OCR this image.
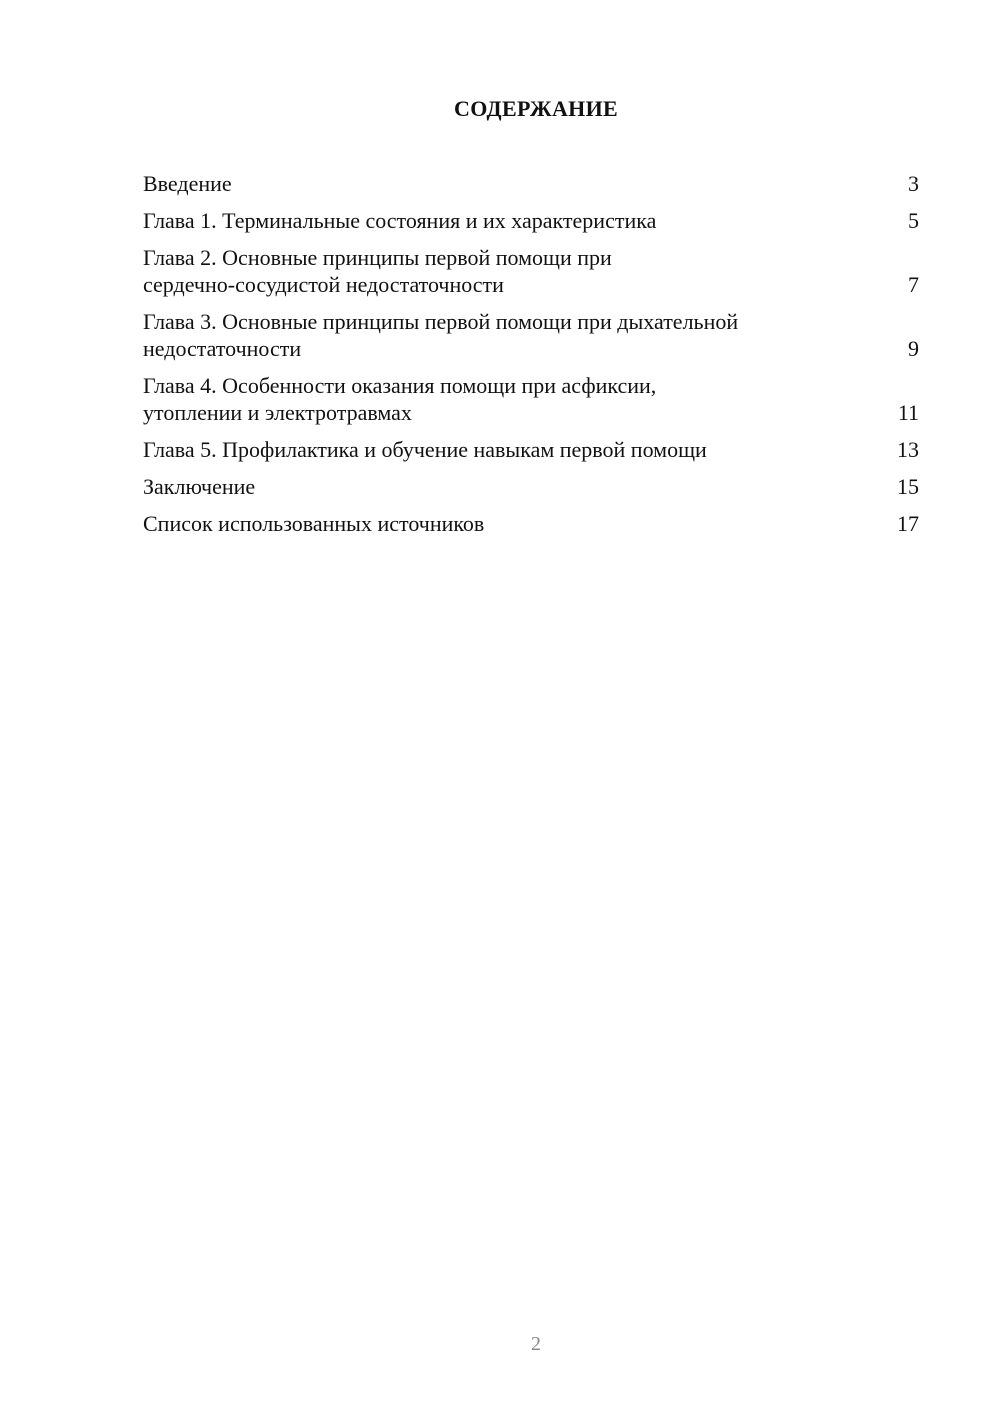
СОДЕРЖАНИЕ
Введение	3
Глава 1. Терминальные состояния и их характеристика	5
Глава 2. Основные принципы первой помощи при
сердечно-сосудистой недостаточности	7
Глава 3. Основные принципы первой помощи при дыхательной
недостаточности	9
Глава 4. Особенности оказания помощи при асфиксии,
утоплении и электротравмах	11
Глава 5. Профилактика и обучение навыкам первой помощи	13
Заключение	15
Список использованных источников	17
2
